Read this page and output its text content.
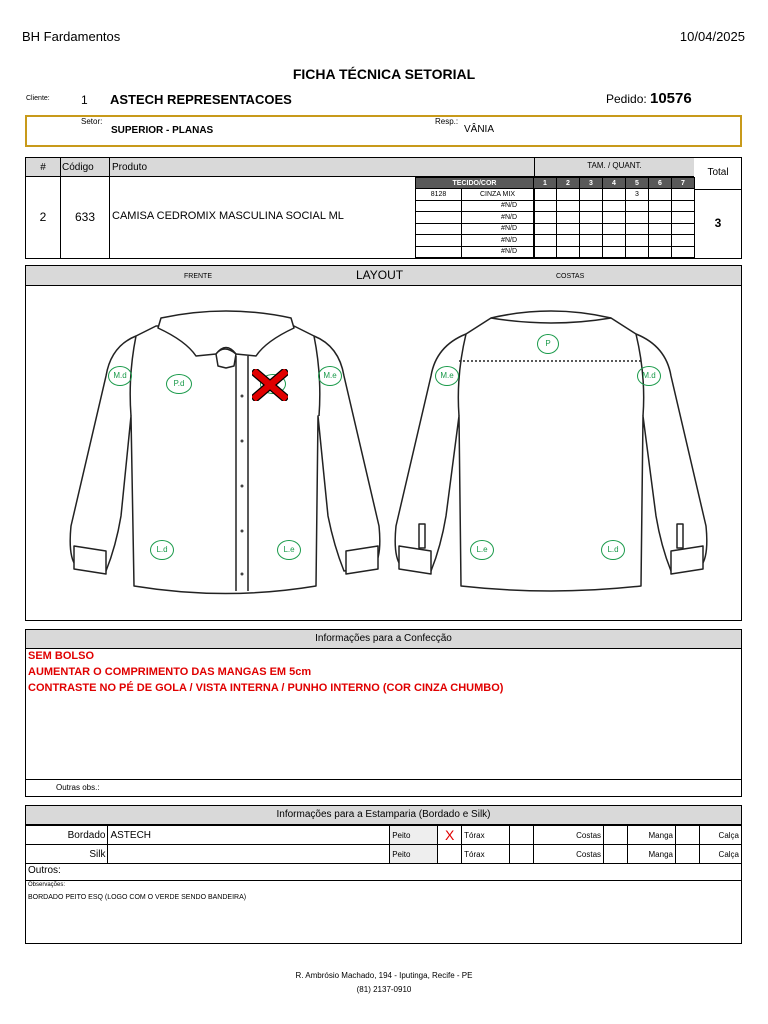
BH Fardamentos	10/04/2025
FICHA TÉCNICA SETORIAL
Cliente:	1 ASTECH REPRESENTACOES	Pedido: 10576
Setor:
SUPERIOR - PLANAS
Resp.:
VÂNIA
#	Código Produto	TAM. / QUANT.
Total
2	633	CAMISA CEDROMIX MASCULINA SOCIAL ML	3
TECIDO/COR		1	2	3	4	5	6	7
8128	CINZA MIX					3		
	#N/D							
	#N/D							
	#N/D							
	#N/D							
	#N/D							
FRENTE	LAYOUT	COSTAS
M.d
P.d
M.e
L.d	L.e
P
M.e	M.d
L.e	L.d
Informações para a Confecção
SEM BOLSO
AUMENTAR O COMPRIMENTO DAS MANGAS EM 5cm
CONTRASTE NO PÉ DE GOLA / VISTA INTERNA / PUNHO INTERNO (COR CINZA CHUMBO)
Outras obs.:
Informações para a Estamparia (Bordado e Silk)
Bordado	ASTECH	Peito	X	Tórax		Costas		Manga		Calça	
Silk		Peito		Tórax		Costas		Manga		Calça	
Outros:
Observações:
BORDADO PEITO ESQ (LOGO COM O VERDE SENDO BANDEIRA)
R. Ambrósio Machado, 194 - Iputinga, Recife - PE
(81) 2137-0910
